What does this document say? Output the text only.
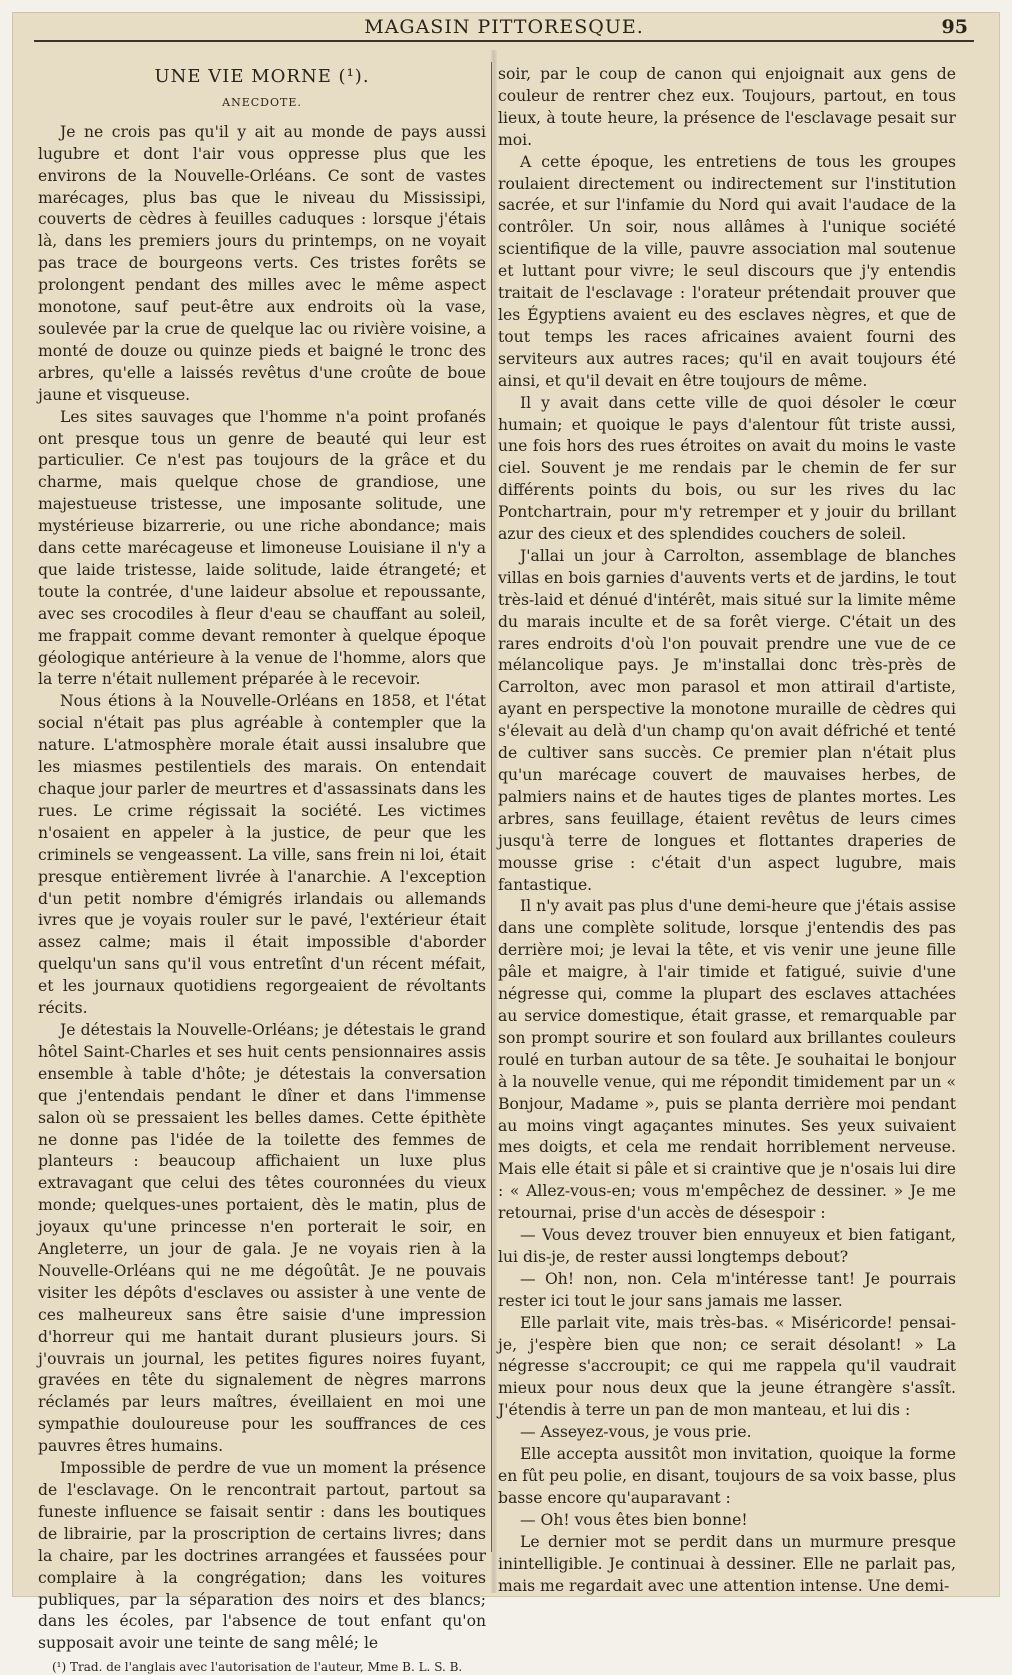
MAGASIN PITTORESQUE.	95
UNE VIE MORNE (¹).
ANECDOTE.

Je ne crois pas qu'il y ait au monde de pays aussi lugubre et dont l'air vous oppresse plus que les environs de la Nouvelle-Orléans. Ce sont de vastes marécages, plus bas que le niveau du Mississipi, couverts de cèdres à feuilles caduques : lorsque j'étais là, dans les premiers jours du printemps, on ne voyait pas trace de bourgeons verts. Ces tristes forêts se prolongent pendant des milles avec le même aspect monotone, sauf peut-être aux endroits où la vase, soulevée par la crue de quelque lac ou rivière voisine, a monté de douze ou quinze pieds et baigné le tronc des arbres, qu'elle a laissés revêtus d'une croûte de boue jaune et visqueuse.

Les sites sauvages que l'homme n'a point profanés ont presque tous un genre de beauté qui leur est particulier. Ce n'est pas toujours de la grâce et du charme, mais quelque chose de grandiose, une majestueuse tristesse, une imposante solitude, une mystérieuse bizarrerie, ou une riche abondance; mais dans cette marécageuse et limoneuse Louisiane il n'y a que laide tristesse, laide solitude, laide étrangeté; et toute la contrée, d'une laideur absolue et repoussante, avec ses crocodiles à fleur d'eau se chauffant au soleil, me frappait comme devant remonter à quelque époque géologique antérieure à la venue de l'homme, alors que la terre n'était nullement préparée à le recevoir.

Nous étions à la Nouvelle-Orléans en 1858, et l'état social n'était pas plus agréable à contempler que la nature. L'atmosphère morale était aussi insalubre que les miasmes pestilentiels des marais. On entendait chaque jour parler de meurtres et d'assassinats dans les rues. Le crime régissait la société. Les victimes n'osaient en appeler à la justice, de peur que les criminels se vengeassent. La ville, sans frein ni loi, était presque entièrement livrée à l'anarchie. A l'exception d'un petit nombre d'émigrés irlandais ou allemands ivres que je voyais rouler sur le pavé, l'extérieur était assez calme; mais il était impossible d'aborder quelqu'un sans qu'il vous entretînt d'un récent méfait, et les journaux quotidiens regorgeaient de révoltants récits.

Je détestais la Nouvelle-Orléans; je détestais le grand hôtel Saint-Charles et ses huit cents pensionnaires assis ensemble à table d'hôte; je détestais la conversation que j'entendais pendant le dîner et dans l'immense salon où se pressaient les belles dames. Cette épithète ne donne pas l'idée de la toilette des femmes de planteurs : beaucoup affichaient un luxe plus extravagant que celui des têtes couronnées du vieux monde; quelques-unes portaient, dès le matin, plus de joyaux qu'une princesse n'en porterait le soir, en Angleterre, un jour de gala. Je ne voyais rien à la Nouvelle-Orléans qui ne me dégoûtât. Je ne pouvais visiter les dépôts d'esclaves ou assister à une vente de ces malheureux sans être saisie d'une impression d'horreur qui me hantait durant plusieurs jours. Si j'ouvrais un journal, les petites figures noires fuyant, gravées en tête du signalement de nègres marrons réclamés par leurs maîtres, éveillaient en moi une sympathie douloureuse pour les souffrances de ces pauvres êtres humains.

Impossible de perdre de vue un moment la présence de l'esclavage. On le rencontrait partout, partout sa funeste influence se faisait sentir : dans les boutiques de librairie, par la proscription de certains livres; dans la chaire, par les doctrines arrangées et faussées pour complaire à la congrégation; dans les voitures publiques, par la séparation des noirs et des blancs; dans les écoles, par l'absence de tout enfant qu'on supposait avoir une teinte de sang mêlé; le

(¹) Trad. de l'anglais avec l'autorisation de l'auteur, Mme B. L. S. B.

soir, par le coup de canon qui enjoignait aux gens de couleur de rentrer chez eux. Toujours, partout, en tous lieux, à toute heure, la présence de l'esclavage pesait sur moi.

A cette époque, les entretiens de tous les groupes roulaient directement ou indirectement sur l'institution sacrée, et sur l'infamie du Nord qui avait l'audace de la contrôler. Un soir, nous allâmes à l'unique société scientifique de la ville, pauvre association mal soutenue et luttant pour vivre; le seul discours que j'y entendis traitait de l'esclavage : l'orateur prétendait prouver que les Égyptiens avaient eu des esclaves nègres, et que de tout temps les races africaines avaient fourni des serviteurs aux autres races; qu'il en avait toujours été ainsi, et qu'il devait en être toujours de même.

Il y avait dans cette ville de quoi désoler le cœur humain; et quoique le pays d'alentour fût triste aussi, une fois hors des rues étroites on avait du moins le vaste ciel. Souvent je me rendais par le chemin de fer sur différents points du bois, ou sur les rives du lac Pontchartrain, pour m'y retremper et y jouir du brillant azur des cieux et des splendides couchers de soleil.

J'allai un jour à Carrolton, assemblage de blanches villas en bois garnies d'auvents verts et de jardins, le tout très-laid et dénué d'intérêt, mais situé sur la limite même du marais inculte et de sa forêt vierge. C'était un des rares endroits d'où l'on pouvait prendre une vue de ce mélancolique pays. Je m'installai donc très-près de Carrolton, avec mon parasol et mon attirail d'artiste, ayant en perspective la monotone muraille de cèdres qui s'élevait au delà d'un champ qu'on avait défriché et tenté de cultiver sans succès. Ce premier plan n'était plus qu'un marécage couvert de mauvaises herbes, de palmiers nains et de hautes tiges de plantes mortes. Les arbres, sans feuillage, étaient revêtus de leurs cimes jusqu'à terre de longues et flottantes draperies de mousse grise : c'était d'un aspect lugubre, mais fantastique.

Il n'y avait pas plus d'une demi-heure que j'étais assise dans une complète solitude, lorsque j'entendis des pas derrière moi; je levai la tête, et vis venir une jeune fille pâle et maigre, à l'air timide et fatigué, suivie d'une négresse qui, comme la plupart des esclaves attachées au service domestique, était grasse, et remarquable par son prompt sourire et son foulard aux brillantes couleurs roulé en turban autour de sa tête. Je souhaitai le bonjour à la nouvelle venue, qui me répondit timidement par un « Bonjour, Madame », puis se planta derrière moi pendant au moins vingt agaçantes minutes. Ses yeux suivaient mes doigts, et cela me rendait horriblement nerveuse. Mais elle était si pâle et si craintive que je n'osais lui dire : « Allez-vous-en; vous m'empêchez de dessiner. » Je me retournai, prise d'un accès de désespoir :

— Vous devez trouver bien ennuyeux et bien fatigant, lui dis-je, de rester aussi longtemps debout?

— Oh! non, non. Cela m'intéresse tant! Je pourrais rester ici tout le jour sans jamais me lasser.

Elle parlait vite, mais très-bas. « Miséricorde! pensai-je, j'espère bien que non; ce serait désolant! » La négresse s'accroupit; ce qui me rappela qu'il vaudrait mieux pour nous deux que la jeune étrangère s'assît. J'étendis à terre un pan de mon manteau, et lui dis :

— Asseyez-vous, je vous prie.

Elle accepta aussitôt mon invitation, quoique la forme en fût peu polie, en disant, toujours de sa voix basse, plus basse encore qu'auparavant :

— Oh! vous êtes bien bonne!

Le dernier mot se perdit dans un murmure presque inintelligible. Je continuai à dessiner. Elle ne parlait pas, mais me regardait avec une attention intense. Une demi-
